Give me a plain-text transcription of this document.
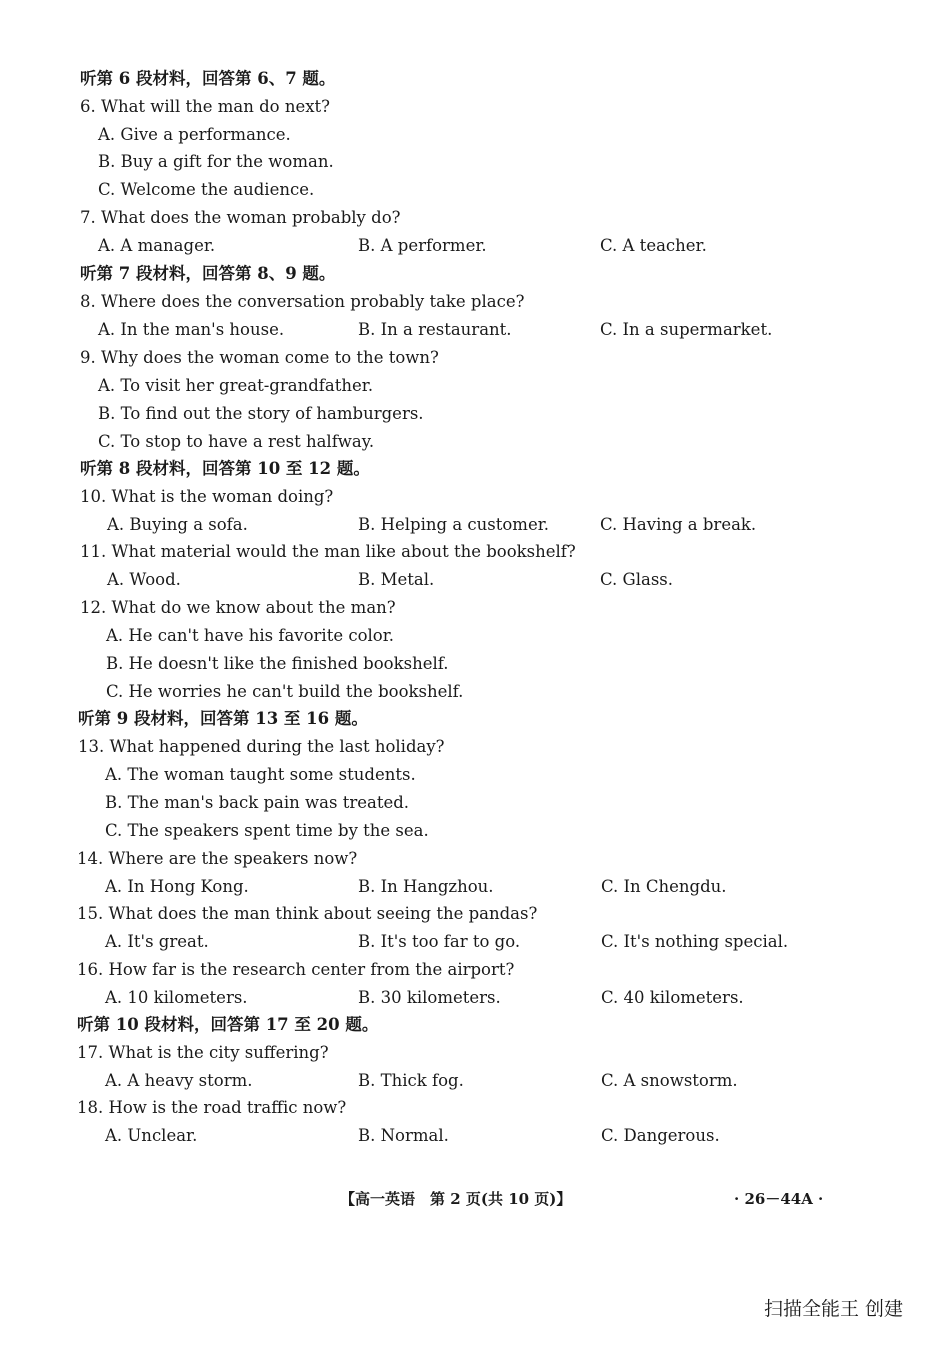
听第 6 段材料，回答第 6、7 题。
6. What will the man do next?
A. Give a performance.
B. Buy a gift for the woman.
C. Welcome the audience.
7. What does the woman probably do?
A. A manager.	B. A performer.	C. A teacher.
听第 7 段材料，回答第 8、9 题。
8. Where does the conversation probably take place?
A. In the man's house.	B. In a restaurant.	C. In a supermarket.
9. Why does the woman come to the town?
A. To visit her great-grandfather.
B. To find out the story of hamburgers.
C. To stop to have a rest halfway.
听第 8 段材料，回答第 10 至 12 题。
10. What is the woman doing?
A. Buying a sofa.	B. Helping a customer.	C. Having a break.
11. What material would the man like about the bookshelf?
A. Wood.	B. Metal.	C. Glass.
12. What do we know about the man?
A. He can't have his favorite color.
B. He doesn't like the finished bookshelf.
C. He worries he can't build the bookshelf.
听第 9 段材料，回答第 13 至 16 题。
13. What happened during the last holiday?
A. The woman taught some students.
B. The man's back pain was treated.
C. The speakers spent time by the sea.
14. Where are the speakers now?
A. In Hong Kong.	B. In Hangzhou.	C. In Chengdu.
15. What does the man think about seeing the pandas?
A. It's great.	B. It's too far to go.	C. It's nothing special.
16. How far is the research center from the airport?
A. 10 kilometers.	B. 30 kilometers.	C. 40 kilometers.
听第 10 段材料，回答第 17 至 20 题。
17. What is the city suffering?
A. A heavy storm.	B. Thick fog.	C. A snowstorm.
18. How is the road traffic now?
A. Unclear.	B. Normal.	C. Dangerous.
【高一英语　第 2 页(共 10 页)】	· 26－44A ·
扫描全能王 创建
